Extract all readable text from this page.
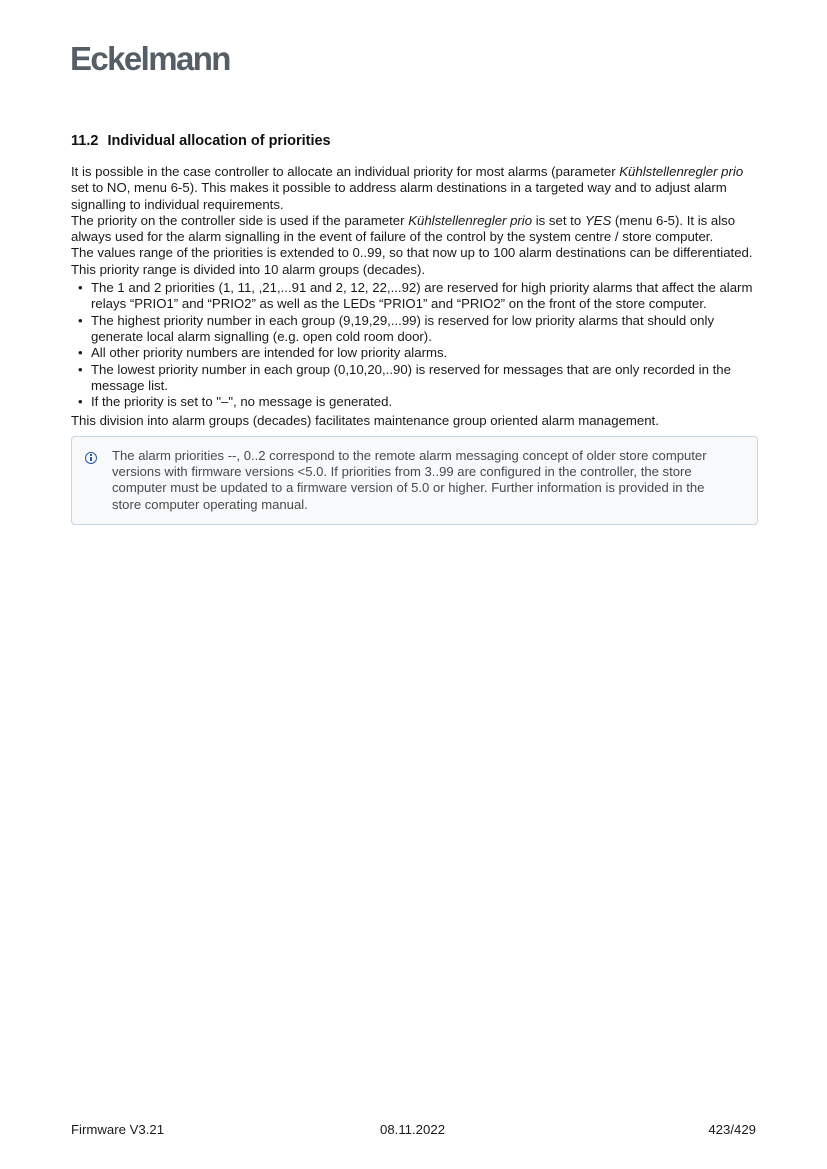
Eckelmann
11.2 Individual allocation of priorities

It is possible in the case controller to allocate an individual priority for most alarms (parameter Kühlstellenregler prio set to NO, menu 6-5). This makes it possible to address alarm destinations in a targeted way and to adjust alarm signalling to individual requirements.

The priority on the controller side is used if the parameter Kühlstellenregler prio is set to YES (menu 6-5). It is also always used for the alarm signalling in the event of failure of the control by the system centre / store computer.

The values range of the priorities is extended to 0..99, so that now up to 100 alarm destinations can be differentiated. This priority range is divided into 10 alarm groups (decades).

• The 1 and 2 priorities (1, 11, ,21,...91 and 2, 12, 22,...92) are reserved for high priority alarms that affect the alarm relays “PRIO1” and “PRIO2” as well as the LEDs “PRIO1” and “PRIO2” on the front of the store computer.
• The highest priority number in each group (9,19,29,...99) is reserved for low priority alarms that should only generate local alarm signalling (e.g. open cold room door).
• All other priority numbers are intended for low priority alarms.
• The lowest priority number in each group (0,10,20,..90) is reserved for messages that are only recorded in the message list.
• If the priority is set to "–", no message is generated.

This division into alarm groups (decades) facilitates maintenance group oriented alarm management.

The alarm priorities --, 0..2 correspond to the remote alarm messaging concept of older store computer versions with firmware versions <5.0. If priorities from 3..99 are configured in the controller, the store computer must be updated to a firmware version of 5.0 or higher. Further information is provided in the store computer operating manual.

Firmware V3.21	08.11.2022	423/429
